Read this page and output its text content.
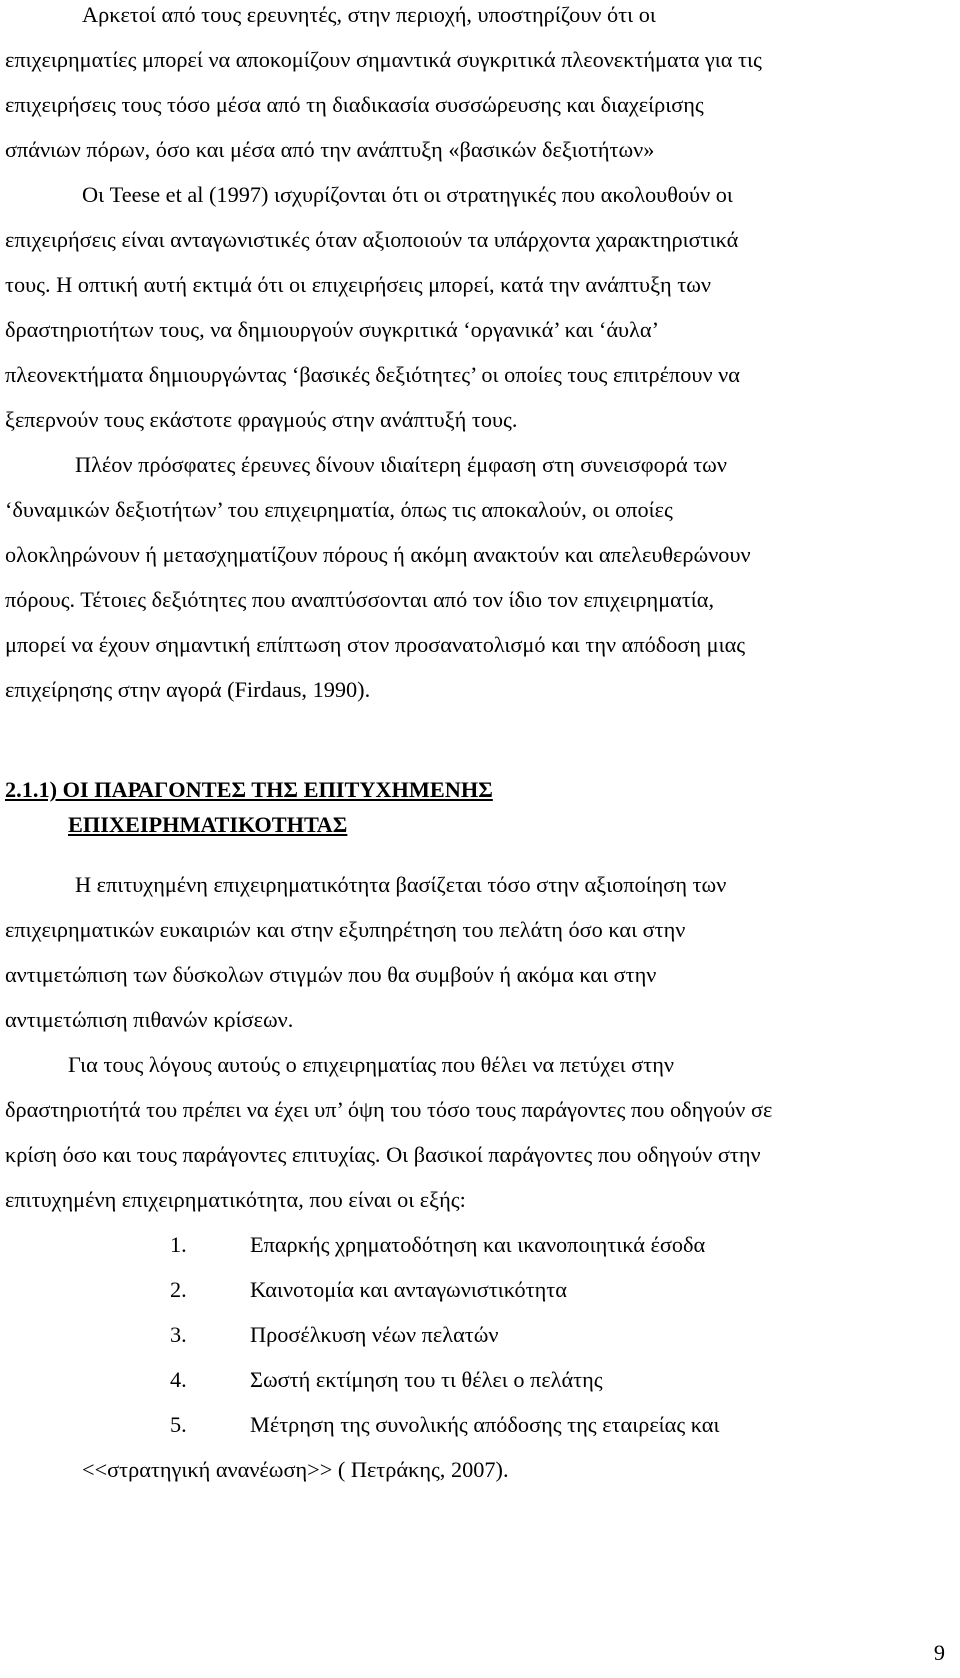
Αρκετοί από τους ερευνητές, στην περιοχή, υποστηρίζουν ότι οι
επιχειρηματίες μπορεί να αποκομίζουν σημαντικά συγκριτικά πλεονεκτήματα για τις
επιχειρήσεις τους τόσο μέσα από τη διαδικασία συσσώρευσης και διαχείρισης
σπάνιων πόρων, όσο και μέσα από την ανάπτυξη «βασικών δεξιοτήτων»
Οι Teese et al (1997) ισχυρίζονται ότι οι στρατηγικές που ακολουθούν οι
επιχειρήσεις είναι ανταγωνιστικές όταν αξιοποιούν τα υπάρχοντα χαρακτηριστικά
τους. Η οπτική αυτή εκτιμά ότι οι επιχειρήσεις μπορεί, κατά την ανάπτυξη των
δραστηριοτήτων τους, να δημιουργούν συγκριτικά ‘οργανικά’ και ‘άυλα’
πλεονεκτήματα δημιουργώντας ‘βασικές δεξιότητες’ οι οποίες τους επιτρέπουν να
ξεπερνούν τους εκάστοτε φραγμούς στην ανάπτυξή τους.
Πλέον πρόσφατες έρευνες δίνουν ιδιαίτερη έμφαση στη συνεισφορά των
‘δυναμικών δεξιοτήτων’ του επιχειρηματία, όπως τις αποκαλούν, οι οποίες
ολοκληρώνουν ή μετασχηματίζουν πόρους ή ακόμη ανακτούν και απελευθερώνουν
πόρους. Τέτοιες δεξιότητες που αναπτύσσονται από τον ίδιο τον επιχειρηματία,
μπορεί να έχουν σημαντική επίπτωση στον προσανατολισμό και την απόδοση μιας
επιχείρησης στην αγορά (Firdaus, 1990).
2.1.1) ΟΙ ΠΑΡΑΓΟΝΤΕΣ ΤΗΣ ΕΠΙΤΥΧΗΜΕΝΗΣ
ΕΠΙΧΕΙΡΗΜΑΤΙΚΟΤΗΤΑΣ
Η επιτυχημένη επιχειρηματικότητα βασίζεται τόσο στην αξιοποίηση των
επιχειρηματικών ευκαιριών και στην εξυπηρέτηση του πελάτη όσο και στην
αντιμετώπιση των δύσκολων στιγμών που θα συμβούν ή ακόμα και στην
αντιμετώπιση πιθανών κρίσεων.
Για τους λόγους αυτούς ο επιχειρηματίας που θέλει να πετύχει στην
δραστηριοτήτά του πρέπει να έχει υπ’ όψη του τόσο τους παράγοντες που οδηγούν σε
κρίση όσο και τους παράγοντες επιτυχίας. Οι βασικοί παράγοντες που οδηγούν στην
επιτυχημένη επιχειρηματικότητα, που είναι οι εξής:
1.	Επαρκής χρηματοδότηση και ικανοποιητικά έσοδα
2.	Καινοτομία και ανταγωνιστικότητα
3.	Προσέλκυση νέων πελατών
4.	Σωστή εκτίμηση του τι θέλει ο πελάτης
5.	Μέτρηση της συνολικής απόδοσης της εταιρείας και
<<στρατηγική ανανέωση>> ( Πετράκης, 2007).
9
